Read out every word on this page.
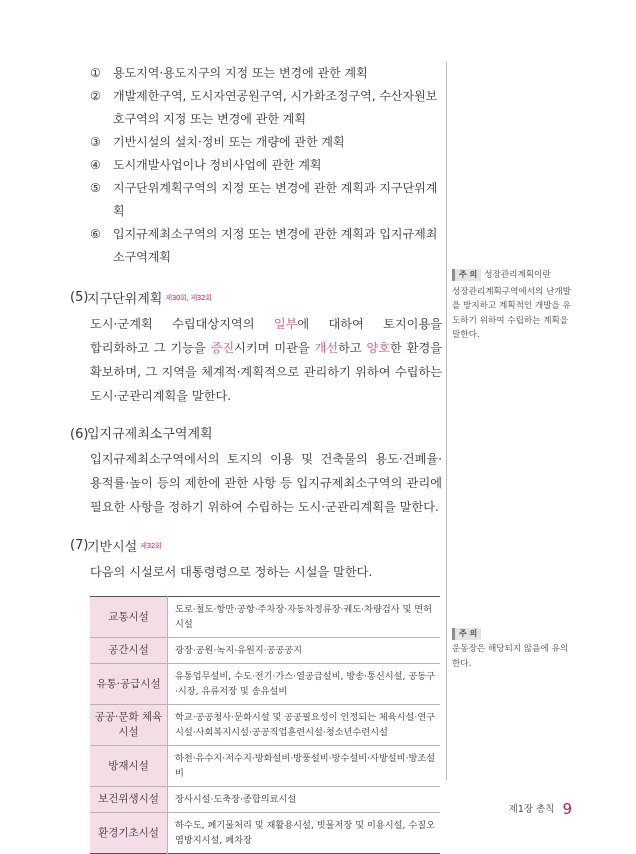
① 용도지역·용도지구의 지정 또는 변경에 관한 계획
② 개발제한구역, 도시자연공원구역, 시가화조정구역, 수산자원보호구역의 지정 또는 변경에 관한 계획
③ 기반시설의 설치·정비 또는 개량에 관한 계획
④ 도시개발사업이나 정비사업에 관한 계획
⑤ 지구단위계획구역의 지정 또는 변경에 관한 계획과 지구단위계획
⑥ 입지규제최소구역의 지정 또는 변경에 관한 계획과 입지규제최소구역계획
(5)
지구단위계획 $^{제30회, 제32회}$
도시·군계획 수립대상지역의 일부에 대하여 토지이용을 합리화하고 그 기능을 증진시키며 미관을 개선하고 양호한 환경을 확보하며, 그 지역을 체계적·계획적으로 관리하기 위하여 수립하는 도시·군관리계획을 말한다.
(6)
입지규제최소구역계획
입지규제최소구역에서의 토지의 이용 및 건축물의 용도·건폐율·용적률·높이 등의 제한에 관한 사항 등 입지규제최소구역의 관리에 필요한 사항을 정하기 위하여 수립하는 도시·군관리계획을 말한다.
(7)
기반시설 $^{제32회}$
다음의 시설로서 대통령령으로 정하는 시설을 말한다.
교통시설	도로·철도·항만·공항·주차장·자동차정류장·궤도·차량검사 및 면허시설
공간시설	광장·공원·녹지·유원지·공공공지
유통·공급시설	유통업무설비, 수도·전기·가스·열공급설비, 방송·통신시설, 공동구·시장, 유류저장 및 송유설비
공공·문화 체육시설	학교·공공청사·문화시설 및 공공필요성이 인정되는 체육시설·연구시설·사회복지시설·공공직업훈련시설·청소년수련시설
방재시설	하천·유수지·저수지·방화설비·방풍설비·방수설비·사방설비·방조설비
보건위생시설	장사시설·도축장·종합의료시설
환경기초시설	하수도, 폐기물처리 및 재활용시설, 빗물저장 및 이용시설, 수질오염방지시설, 폐차장
주 의 성장관리계획이란
성장관리계획구역에서의 난개발을 방지하고 계획적인 개발을 유도하기 위하여 수립하는 계획을 말한다.
주 의
운동장은 해당되지 않음에 유의한다.
제1장 총칙 9
